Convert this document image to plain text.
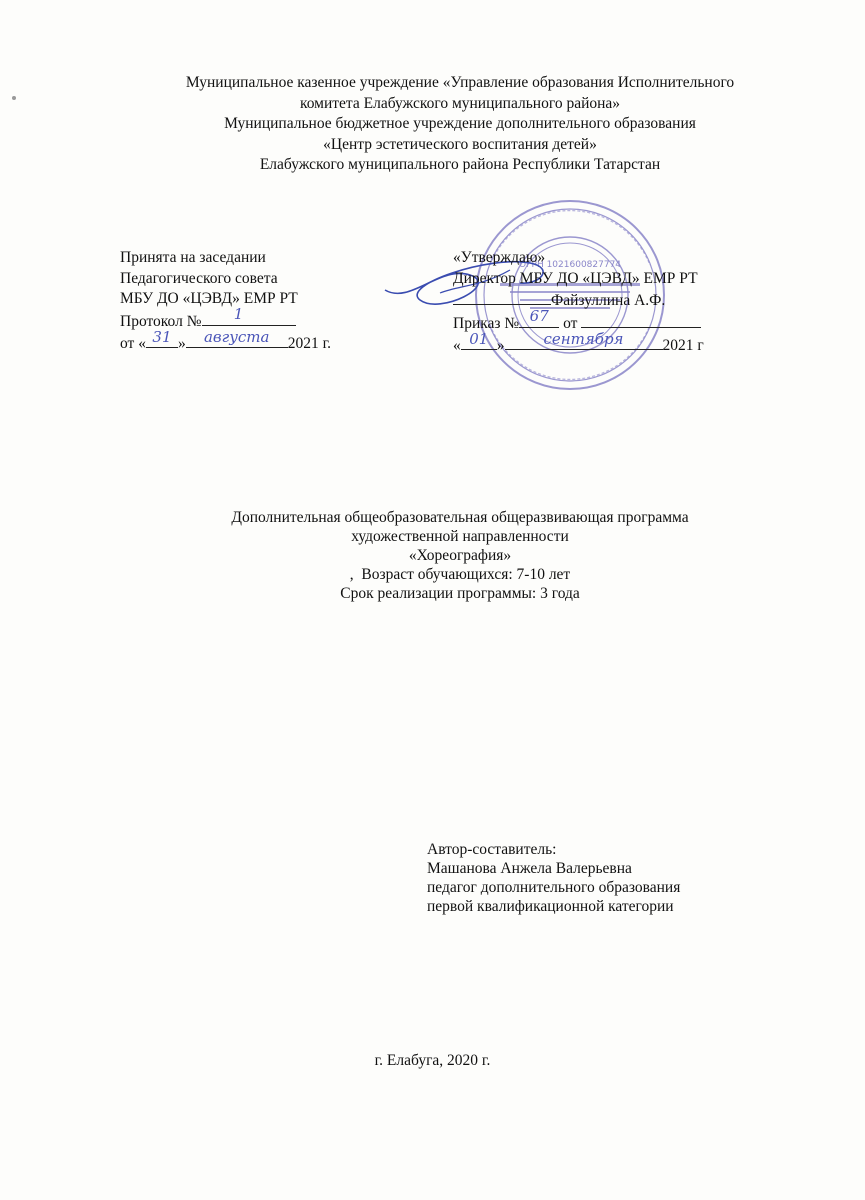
Муниципальное казенное учреждение «Управление образования Исполнительного
комитета Елабужского муниципального района»
Муниципальное бюджетное учреждение дополнительного образования
«Центр эстетического воспитания детей»
Елабужского муниципального района Республики Татарстан
ОГРН 1021600827774
Принята на заседании
Педагогического совета
МБУ ДО «ЦЭВД» ЕМР РТ
Протокол №	1
от « 31 »	августа	2021 г.
«Утверждаю»
Директор МБУ ДО «ЦЭВД» ЕМР РТ
Файзуллина А.Ф.
Приказ № 67 от
« 01 »	сентября	2021 г
Дополнительная общеобразовательная общеразвивающая программа
художественной направленности
«Хореография»
, Возраст обучающихся: 7-10 лет
Срок реализации программы: 3 года
Автор-составитель:
Машанова Анжела Валерьевна
педагог дополнительного образования
первой квалификационной категории
г. Елабуга, 2020 г.
